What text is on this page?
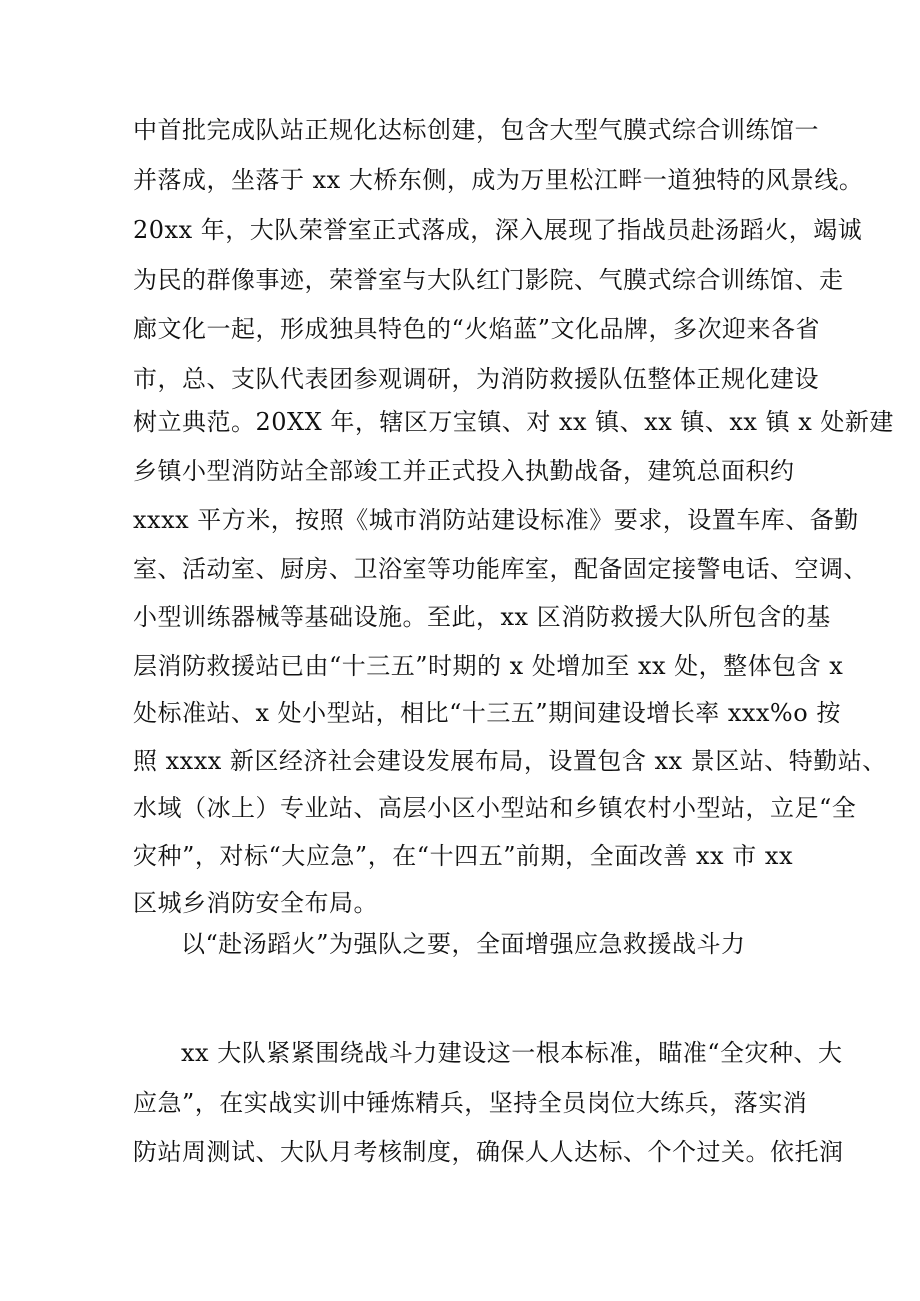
中首批完成队站正规化达标创建，包含大型气膜式综合训练馆一
并落成，坐落于 xx 大桥东侧，成为万里松江畔一道独特的风景线。
20xx 年，大队荣誉室正式落成，深入展现了指战员赴汤蹈火，竭诚
为民的群像事迹，荣誉室与大队红门影院、气膜式综合训练馆、走
廊文化一起，形成独具特色的“火焰蓝”文化品牌，多次迎来各省
市，总、支队代表团参观调研，为消防救援队伍整体正规化建设
树立典范。20XX 年，辖区万宝镇、对 xx 镇、xx 镇、xx 镇 x 处新建
乡镇小型消防站全部竣工并正式投入执勤战备，建筑总面积约
xxxx 平方米，按照《城市消防站建设标准》要求，设置车库、备勤
室、活动室、厨房、卫浴室等功能库室，配备固定接警电话、空调、
小型训练器械等基础设施。至此，xx 区消防救援大队所包含的基
层消防救援站已由“十三五”时期的 x 处增加至 xx 处，整体包含 x
处标准站、x 处小型站，相比“十三五”期间建设增长率 xxx%o 按
照 xxxx 新区经济社会建设发展布局，设置包含 xx 景区站、特勤站、
水域（冰上）专业站、高层小区小型站和乡镇农村小型站，立足“全
灾种”，对标“大应急”，在“十四五”前期，全面改善 xx 市 xx
区城乡消防安全布局。
以“赴汤蹈火”为强队之要，全面增强应急救援战斗力
xx 大队紧紧围绕战斗力建设这一根本标准，瞄准“全灾种、大
应急”，在实战实训中锤炼精兵，坚持全员岗位大练兵，落实消
防站周测试、大队月考核制度，确保人人达标、个个过关。依托润
